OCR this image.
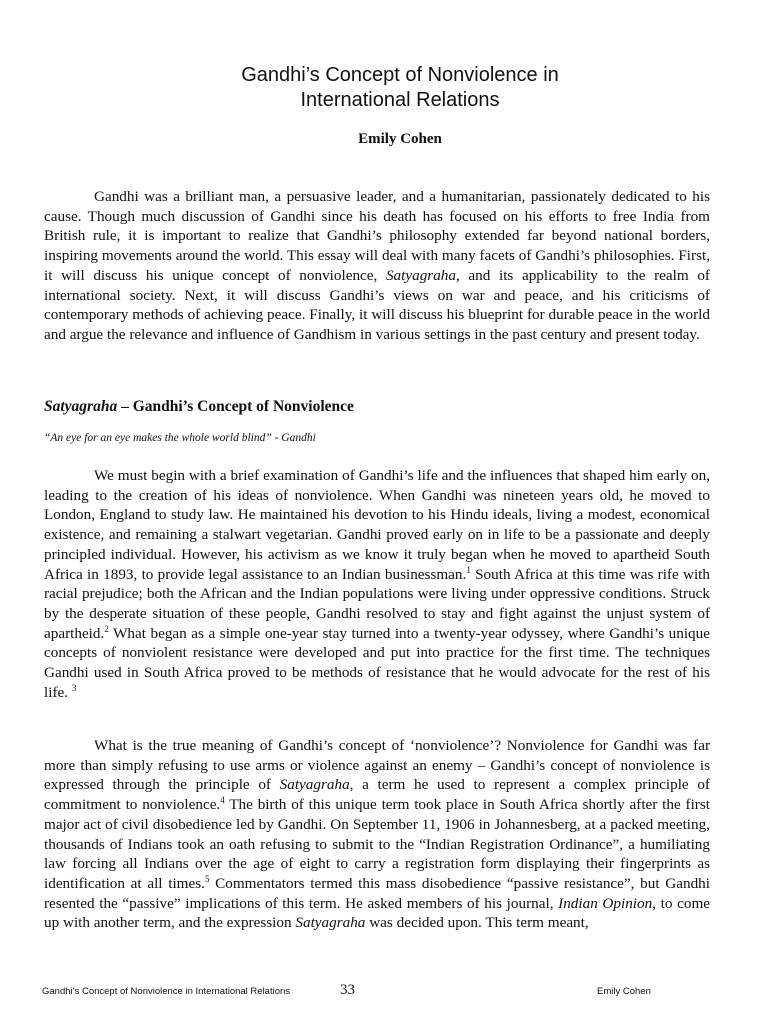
Gandhi’s Concept of Nonviolence in
International Relations
Emily Cohen

Gandhi was a brilliant man, a persuasive leader, and a humanitarian, passionately dedicated to his cause. Though much discussion of Gandhi since his death has focused on his efforts to free India from British rule, it is important to realize that Gandhi’s philosophy extended far beyond national borders, inspiring movements around the world. This essay will deal with many facets of Gandhi’s philosophies. First, it will discuss his unique concept of nonviolence, Satyagraha, and its applicability to the realm of international society. Next, it will discuss Gandhi’s views on war and peace, and his criticisms of contemporary methods of achieving peace. Finally, it will discuss his blueprint for durable peace in the world and argue the relevance and influence of Gandhism in various settings in the past century and present today.

Satyagraha – Gandhi’s Concept of Nonviolence
“An eye for an eye makes the whole world blind” - Gandhi

We must begin with a brief examination of Gandhi’s life and the influences that shaped him early on, leading to the creation of his ideas of nonviolence. When Gandhi was nineteen years old, he moved to London, England to study law. He maintained his devotion to his Hindu ideals, living a modest, economical existence, and remaining a stalwart vegetarian. Gandhi proved early on in life to be a passionate and deeply principled individual. However, his activism as we know it truly began when he moved to apartheid South Africa in 1893, to provide legal assistance to an Indian businessman.$^1$ South Africa at this time was rife with racial prejudice; both the African and the Indian populations were living under oppressive conditions. Struck by the desperate situation of these people, Gandhi resolved to stay and fight against the unjust system of apartheid.$^2$ What began as a simple one-year stay turned into a twenty-year odyssey, where Gandhi’s unique concepts of nonviolent resistance were developed and put into practice for the first time. The techniques Gandhi used in South Africa proved to be methods of resistance that he would advocate for the rest of his life. $^3$

What is the true meaning of Gandhi’s concept of ‘nonviolence’? Nonviolence for Gandhi was far more than simply refusing to use arms or violence against an enemy – Gandhi’s concept of nonviolence is expressed through the principle of Satyagraha, a term he used to represent a complex principle of commitment to nonviolence.$^4$ The birth of this unique term took place in South Africa shortly after the first major act of civil disobedience led by Gandhi. On September 11, 1906 in Johannesberg, at a packed meeting, thousands of Indians took an oath refusing to submit to the “Indian Registration Ordinance”, a humiliating law forcing all Indians over the age of eight to carry a registration form displaying their fingerprints as identification at all times.$^5$ Commentators termed this mass disobedience “passive resistance”, but Gandhi resented the “passive” implications of this term. He asked members of his journal, Indian Opinion, to come up with another term, and the expression Satyagraha was decided upon. This term meant,

Gandhi’s Concept of Nonviolence in International Relations	33	Emily Cohen
